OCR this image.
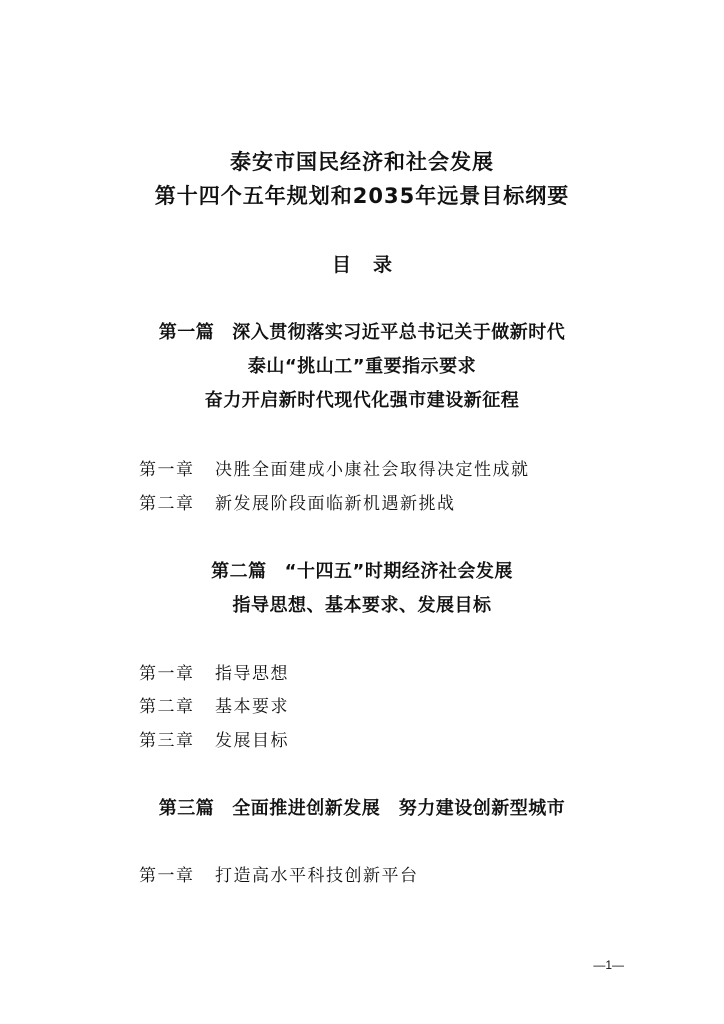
泰安市国民经济和社会发展
第十四个五年规划和2035年远景目标纲要
目 录
第一篇 深入贯彻落实习近平总书记关于做新时代
泰山“挑山工”重要指示要求
奋力开启新时代现代化强市建设新征程
第一章 决胜全面建成小康社会取得决定性成就
第二章 新发展阶段面临新机遇新挑战
第二篇 “十四五”时期经济社会发展
指导思想、基本要求、发展目标
第一章 指导思想
第二章 基本要求
第三章 发展目标
第三篇 全面推进创新发展　努力建设创新型城市
第一章 打造高水平科技创新平台
—1—
